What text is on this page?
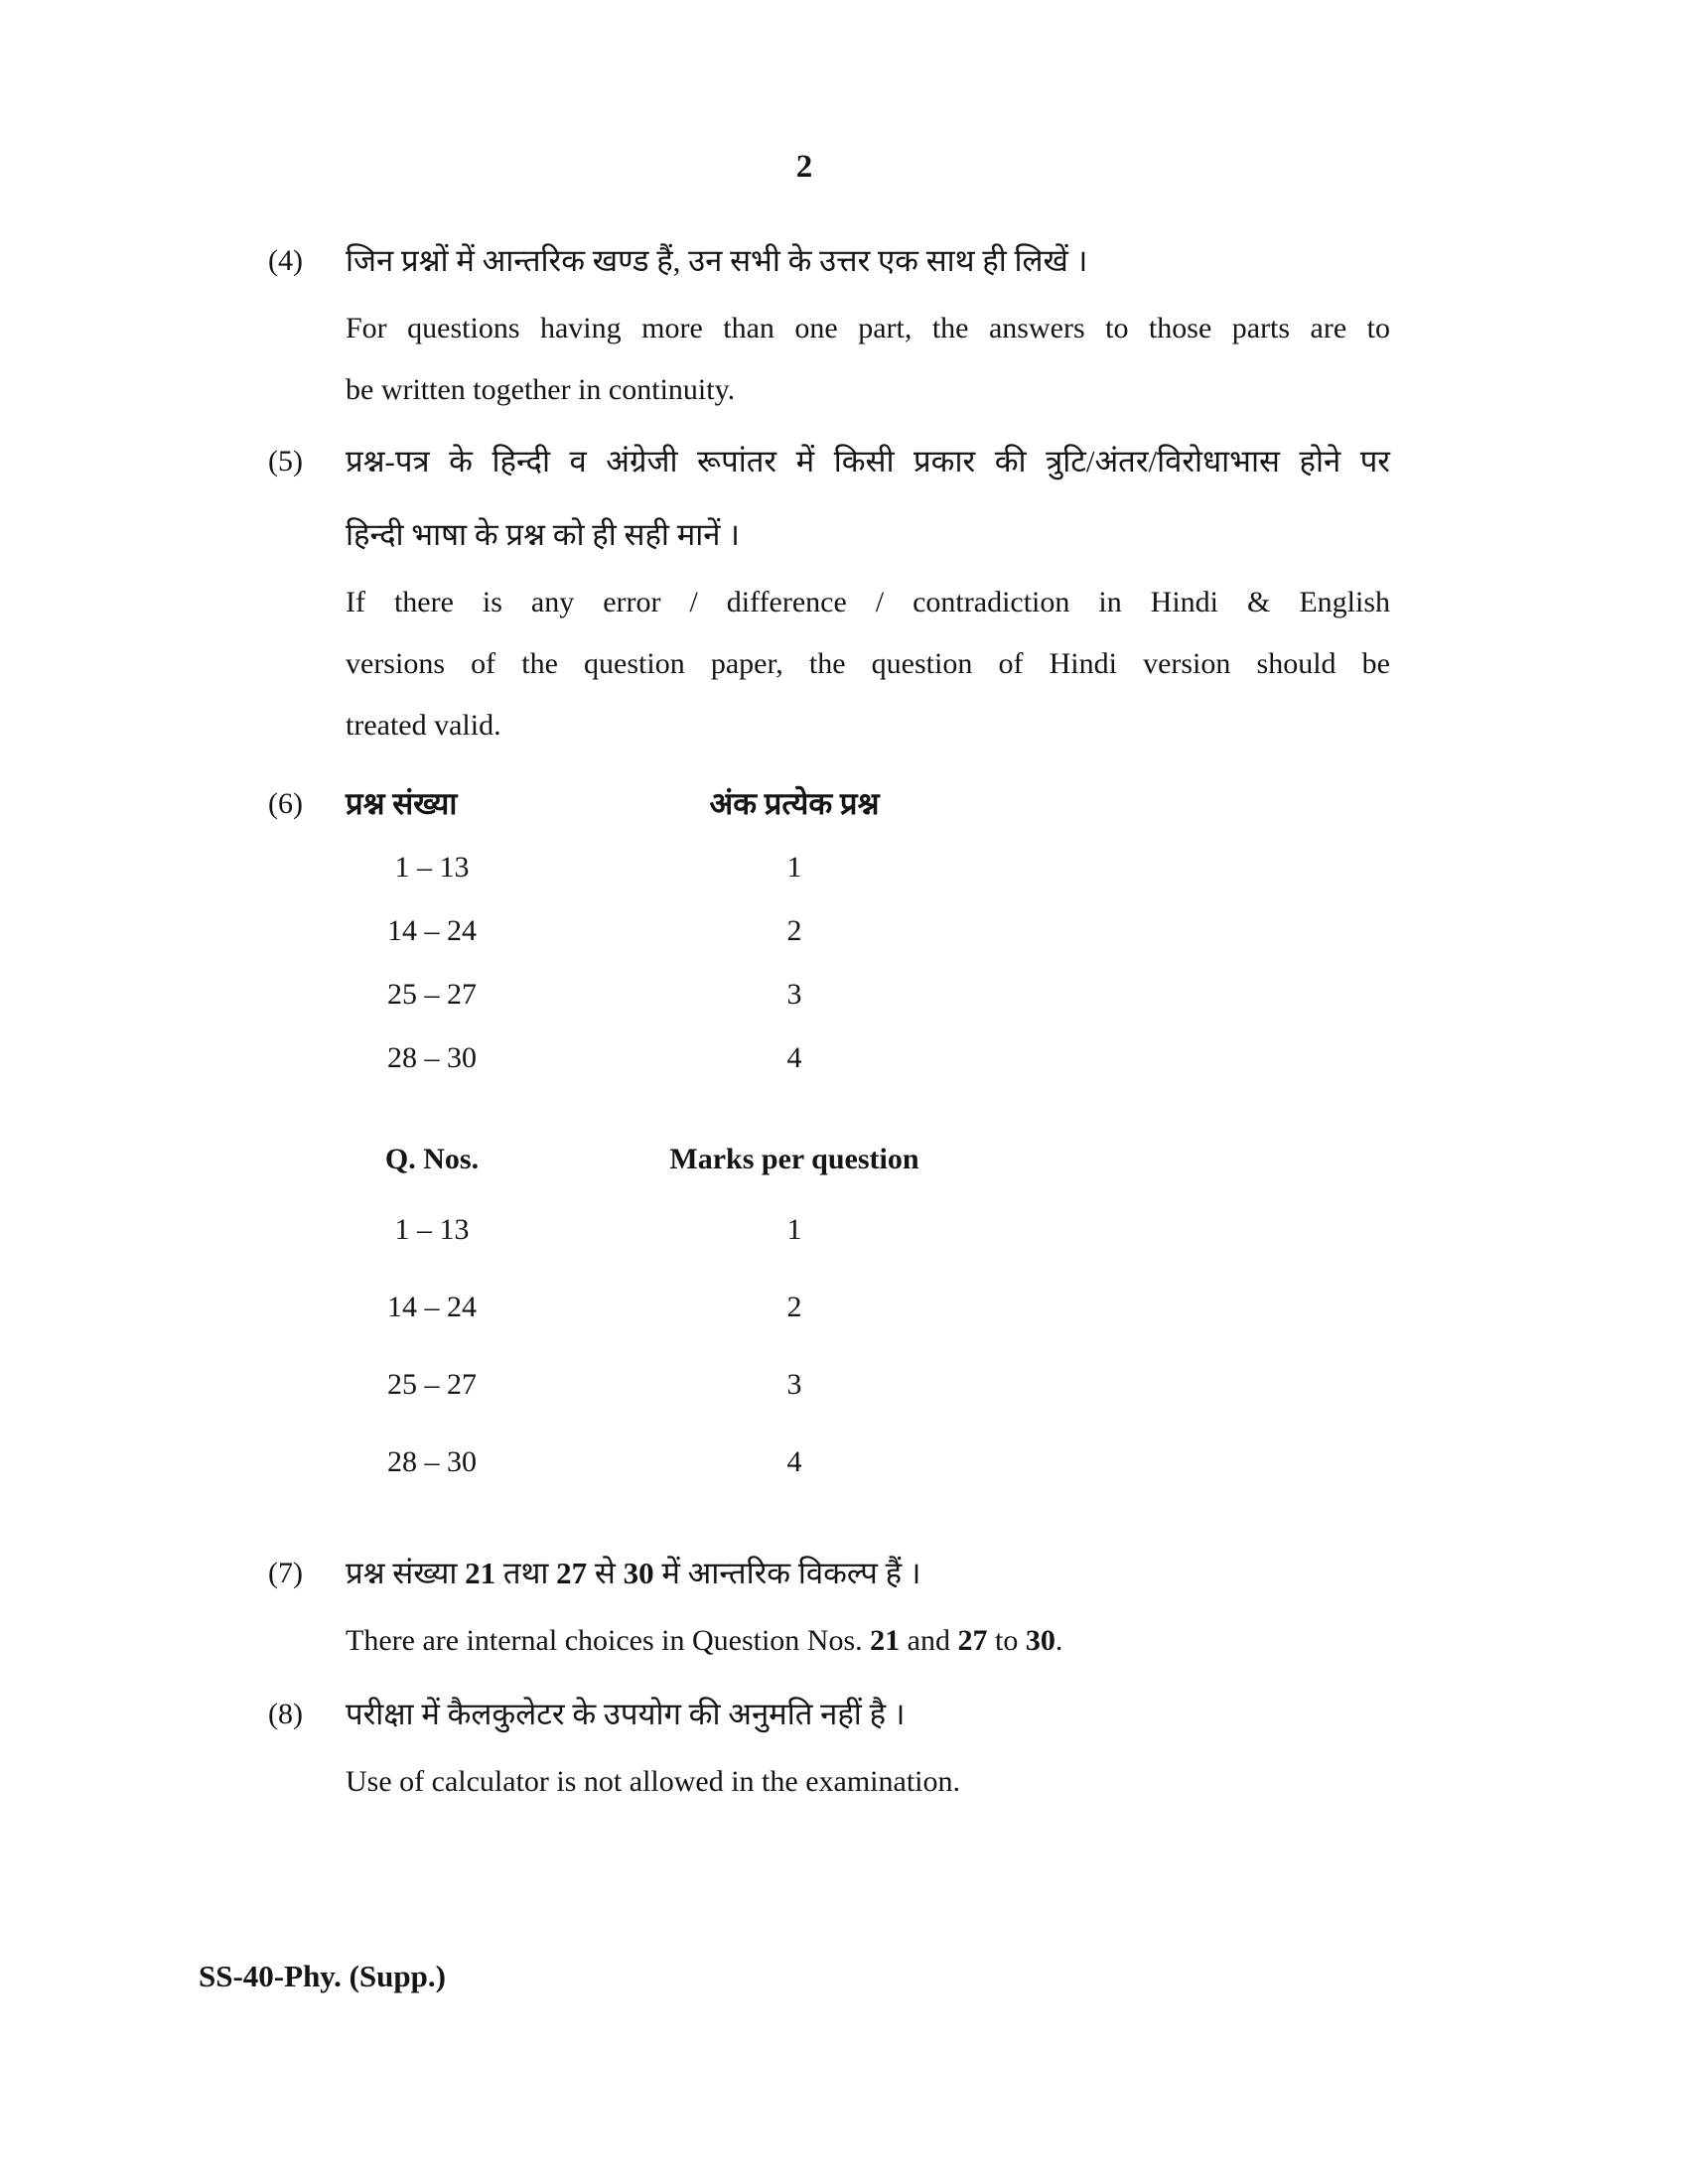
2
(4)	जिन प्रश्नों में आन्तरिक खण्ड हैं, उन सभी के उत्तर एक साथ ही लिखें ।
For questions having more than one part, the answers to those parts are to
be written together in continuity.
(5)	प्रश्न-पत्र के हिन्दी व अंग्रेजी रूपांतर में किसी प्रकार की त्रुटि/अंतर/विरोधाभास होने पर
हिन्दी भाषा के प्रश्न को ही सही मानें ।
If there is any error / difference / contradiction in Hindi & English
versions of the question paper, the question of Hindi version should be
treated valid.
(6)	प्रश्न संख्या	अंक प्रत्येक प्रश्न
1 – 13	1
14 – 24	2
25 – 27	3
28 – 30	4
Q. Nos.	Marks per question
1 – 13	1
14 – 24	2
25 – 27	3
28 – 30	4
(7)	प्रश्न संख्या 21 तथा 27 से 30 में आन्तरिक विकल्प हैं ।
There are internal choices in Question Nos. 21 and 27 to 30.
(8)	परीक्षा में कैलकुलेटर के उपयोग की अनुमति नहीं है ।
Use of calculator is not allowed in the examination.
SS-40-Phy. (Supp.)
